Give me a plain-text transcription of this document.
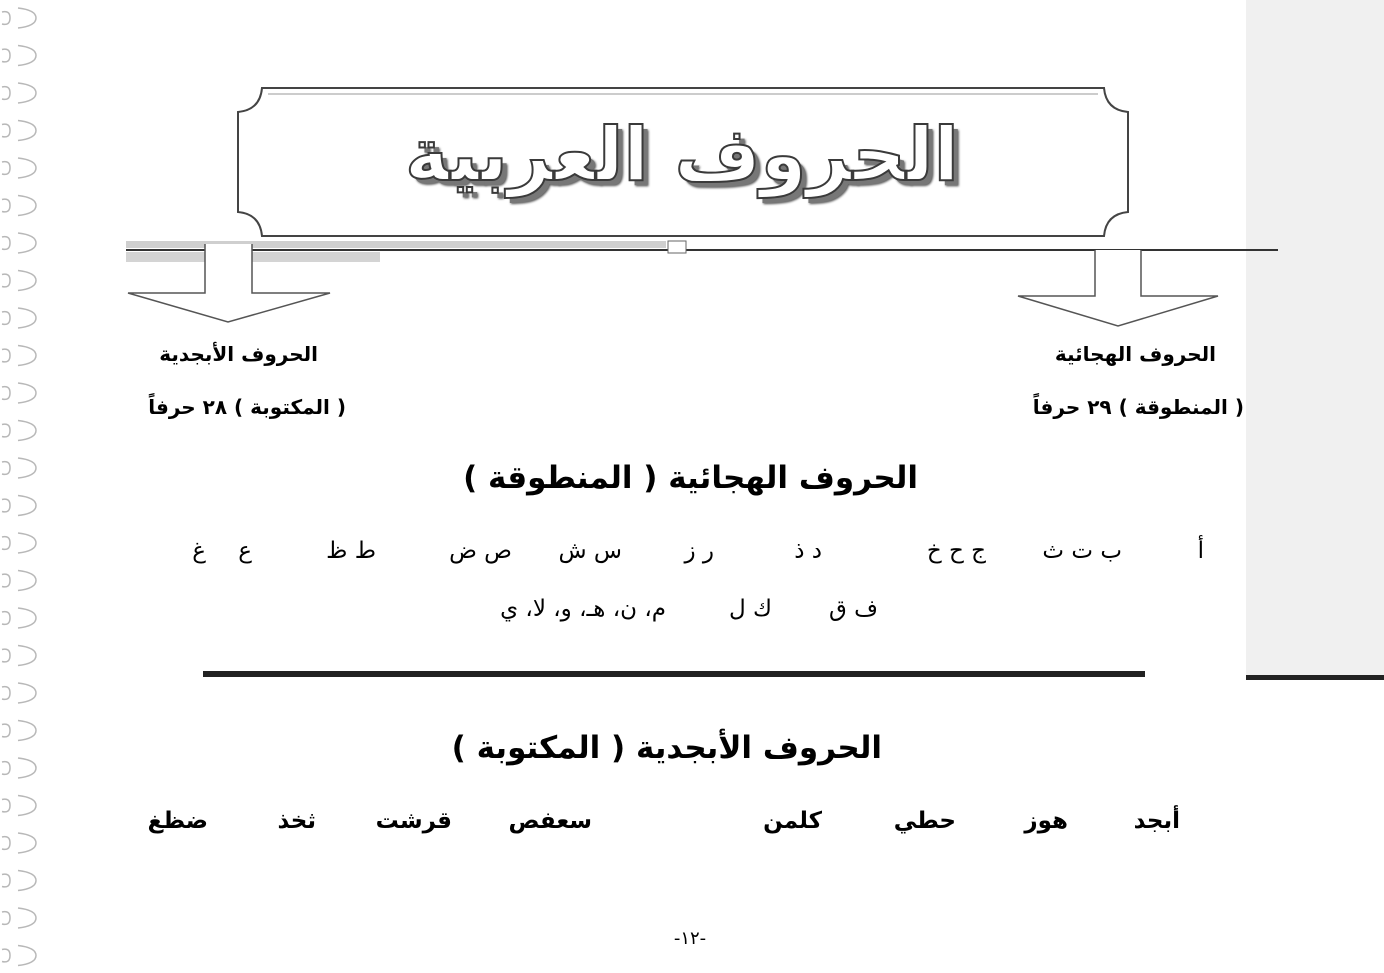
الحروف العربية
الحروف الهجائية
( المنطوقة ) ٢٩ حرفاً
الحروف الأبجدية
( المكتوبة ) ٢٨ حرفاً
الحروف الهجائية ( المنطوقة )
أ
ب ت ث
ج ح خ
د ذ
ر ز
س ش
ص ض
ط ظ
ع
غ
ف ق
ك ل
م، ن، هـ، و، لا، ي
الحروف الأبجدية ( المكتوبة )
أبجد
هوز
حطي
كلمن
سعفص
قرشت
ثخذ
ضظغ
-١٢-
